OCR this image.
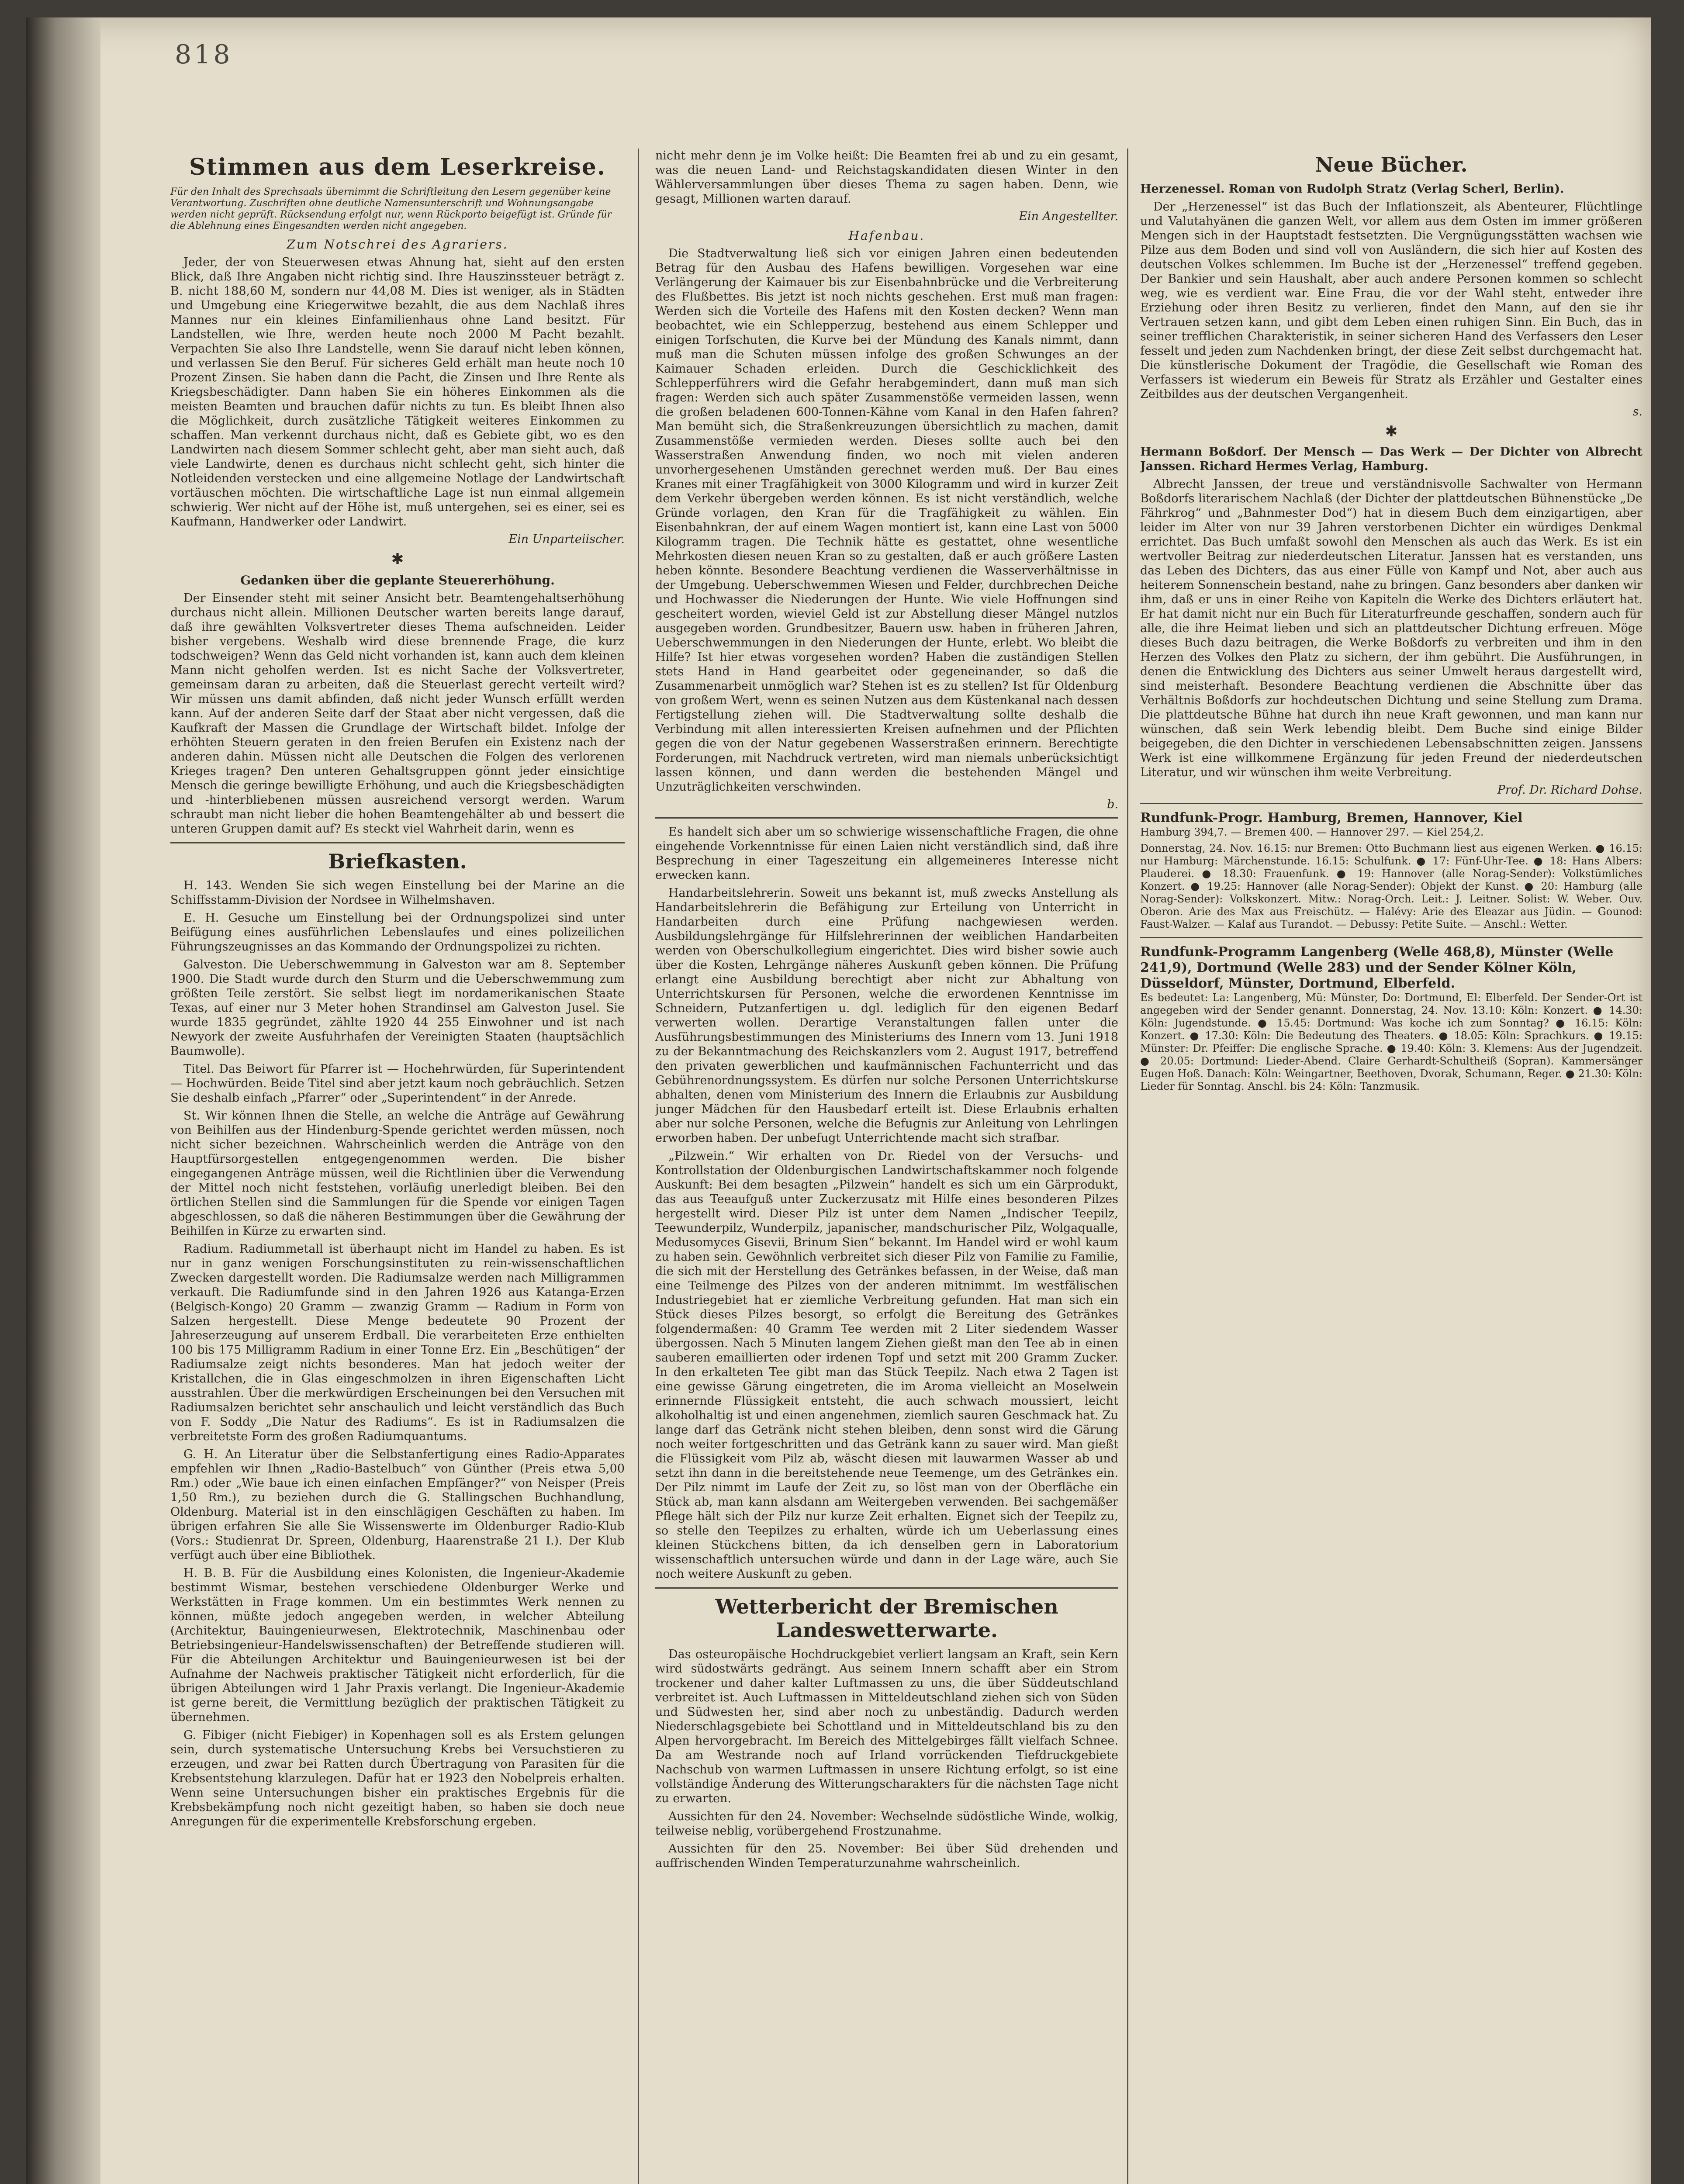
818
Stimmen aus dem Leserkreise.
Für den Inhalt des Sprechsaals übernimmt die Schriftleitung den Lesern gegenüber keine Verantwortung. Zuschriften ohne deutliche Namensunterschrift und Wohnungsangabe werden nicht geprüft. Rücksendung erfolgt nur, wenn Rückporto beigefügt ist. Gründe für die Ablehnung eines Eingesandten werden nicht angegeben.
Zum Notschrei des Agrariers.

Jeder, der von Steuerwesen etwas Ahnung hat, sieht auf den ersten Blick, daß Ihre Angaben nicht richtig sind. Ihre Hauszinssteuer beträgt z. B. nicht 188,60 M, sondern nur 44,08 M. Dies ist weniger, als in Städten und Umgebung eine Kriegerwitwe bezahlt, die aus dem Nachlaß ihres Mannes nur ein kleines Einfamilienhaus ohne Land besitzt. Für Landstellen, wie Ihre, werden heute noch 2000 M Pacht bezahlt. Verpachten Sie also Ihre Landstelle, wenn Sie darauf nicht leben können, und verlassen Sie den Beruf. Für sicheres Geld erhält man heute noch 10 Prozent Zinsen. Sie haben dann die Pacht, die Zinsen und Ihre Rente als Kriegsbeschädigter. Dann haben Sie ein höheres Einkommen als die meisten Beamten und brauchen dafür nichts zu tun. Es bleibt Ihnen also die Möglichkeit, durch zusätzliche Tätigkeit weiteres Einkommen zu schaffen. Man verkennt durchaus nicht, daß es Gebiete gibt, wo es den Landwirten nach diesem Sommer schlecht geht, aber man sieht auch, daß viele Landwirte, denen es durchaus nicht schlecht geht, sich hinter die Notleidenden verstecken und eine allgemeine Notlage der Landwirtschaft vortäuschen möchten. Die wirtschaftliche Lage ist nun einmal allgemein schwierig. Wer nicht auf der Höhe ist, muß untergehen, sei es einer, sei es Kaufmann, Handwerker oder Landwirt.

Ein Unparteiischer.
✱
Gedanken über die geplante Steuererhöhung.

Der Einsender steht mit seiner Ansicht betr. Beamtengehaltserhöhung durchaus nicht allein. Millionen Deutscher warten bereits lange darauf, daß ihre gewählten Volksvertreter dieses Thema aufschneiden. Leider bisher vergebens. Weshalb wird diese brennende Frage, die kurz todschweigen? Wenn das Geld nicht vorhanden ist, kann auch dem kleinen Mann nicht geholfen werden. Ist es nicht Sache der Volksvertreter, gemeinsam daran zu arbeiten, daß die Steuerlast gerecht verteilt wird? Wir müssen uns damit abfinden, daß nicht jeder Wunsch erfüllt werden kann. Auf der anderen Seite darf der Staat aber nicht vergessen, daß die Kaufkraft der Massen die Grundlage der Wirtschaft bildet. Infolge der erhöhten Steuern geraten in den freien Berufen ein Existenz nach der anderen dahin. Müssen nicht alle Deutschen die Folgen des verlorenen Krieges tragen? Den unteren Gehaltsgruppen gönnt jeder einsichtige Mensch die geringe bewilligte Erhöhung, und auch die Kriegsbeschädigten und -hinterbliebenen müssen ausreichend versorgt werden. Warum schraubt man nicht lieber die hohen Beamtengehälter ab und bessert die unteren Gruppen damit auf? Es steckt viel Wahrheit darin, wenn es

Briefkasten.

H. 143. Wenden Sie sich wegen Einstellung bei der Marine an die Schiffsstamm-Division der Nordsee in Wilhelmshaven.

E. H. Gesuche um Einstellung bei der Ordnungspolizei sind unter Beifügung eines ausführlichen Lebenslaufes und eines polizeilichen Führungszeugnisses an das Kommando der Ordnungspolizei zu richten.

Galveston. Die Ueberschwemmung in Galveston war am 8. September 1900. Die Stadt wurde durch den Sturm und die Ueberschwemmung zum größten Teile zerstört. Sie selbst liegt im nordamerikanischen Staate Texas, auf einer nur 3 Meter hohen Strandinsel am Galveston Jusel. Sie wurde 1835 gegründet, zählte 1920 44 255 Einwohner und ist nach Newyork der zweite Ausfuhrhafen der Vereinigten Staaten (hauptsächlich Baumwolle).

Titel. Das Beiwort für Pfarrer ist — Hochehrwürden, für Superintendent — Hochwürden. Beide Titel sind aber jetzt kaum noch gebräuchlich. Setzen Sie deshalb einfach „Pfarrer“ oder „Superintendent“ in der Anrede.

St. Wir können Ihnen die Stelle, an welche die Anträge auf Gewährung von Beihilfen aus der Hindenburg-Spende gerichtet werden müssen, noch nicht sicher bezeichnen. Wahrscheinlich werden die Anträge von den Hauptfürsorgestellen entgegengenommen werden. Die bisher eingegangenen Anträge müssen, weil die Richtlinien über die Verwendung der Mittel noch nicht feststehen, vorläufig unerledigt bleiben. Bei den örtlichen Stellen sind die Sammlungen für die Spende vor einigen Tagen abgeschlossen, so daß die näheren Bestimmungen über die Gewährung der Beihilfen in Kürze zu erwarten sind.

Radium. Radiummetall ist überhaupt nicht im Handel zu haben. Es ist nur in ganz wenigen Forschungsinstituten zu rein-wissenschaftlichen Zwecken dargestellt worden. Die Radiumsalze werden nach Milligrammen verkauft. Die Radiumfunde sind in den Jahren 1926 aus Katanga-Erzen (Belgisch-Kongo) 20 Gramm — zwanzig Gramm — Radium in Form von Salzen hergestellt. Diese Menge bedeutete 90 Prozent der Jahreserzeugung auf unserem Erdball. Die verarbeiteten Erze enthielten 100 bis 175 Milligramm Radium in einer Tonne Erz. Ein „Beschütigen“ der Radiumsalze zeigt nichts besonderes. Man hat jedoch weiter der Kristallchen, die in Glas eingeschmolzen in ihren Eigenschaften Licht ausstrahlen. Über die merkwürdigen Erscheinungen bei den Versuchen mit Radiumsalzen berichtet sehr anschaulich und leicht verständlich das Buch von F. Soddy „Die Natur des Radiums“. Es ist in Radiumsalzen die verbreitetste Form des großen Radiumquantums.

G. H. An Literatur über die Selbstanfertigung eines Radio-Apparates empfehlen wir Ihnen „Radio-Bastelbuch“ von Günther (Preis etwa 5,00 Rm.) oder „Wie baue ich einen einfachen Empfänger?“ von Neisper (Preis 1,50 Rm.), zu beziehen durch die G. Stallingschen Buchhandlung, Oldenburg. Material ist in den einschlägigen Geschäften zu haben. Im übrigen erfahren Sie alle Sie Wissenswerte im Oldenburger Radio-Klub (Vors.: Studienrat Dr. Spreen, Oldenburg, Haarenstraße 21 I.). Der Klub verfügt auch über eine Bibliothek.

H. B. B. Für die Ausbildung eines Kolonisten, die Ingenieur-Akademie bestimmt Wismar, bestehen verschiedene Oldenburger Werke und Werkstätten in Frage kommen. Um ein bestimmtes Werk nennen zu können, müßte jedoch angegeben werden, in welcher Abteilung (Architektur, Bauingenieurwesen, Elektrotechnik, Maschinenbau oder Betriebsingenieur-Handelswissenschaften) der Betreffende studieren will. Für die Abteilungen Architektur und Bauingenieurwesen ist bei der Aufnahme der Nachweis praktischer Tätigkeit nicht erforderlich, für die übrigen Abteilungen wird 1 Jahr Praxis verlangt. Die Ingenieur-Akademie ist gerne bereit, die Vermittlung bezüglich der praktischen Tätigkeit zu übernehmen.

G. Fibiger (nicht Fiebiger) in Kopenhagen soll es als Erstem gelungen sein, durch systematische Untersuchung Krebs bei Versuchstieren zu erzeugen, und zwar bei Ratten durch Übertragung von Parasiten für die Krebsentstehung klarzulegen. Dafür hat er 1923 den Nobelpreis erhalten. Wenn seine Untersuchungen bisher ein praktisches Ergebnis für die Krebsbekämpfung noch nicht gezeitigt haben, so haben sie doch neue Anregungen für die experimentelle Krebsforschung ergeben.

nicht mehr denn je im Volke heißt: Die Beamten frei ab und zu ein gesamt, was die neuen Land- und Reichstagskandidaten diesen Winter in den Wählerversammlungen über dieses Thema zu sagen haben. Denn, wie gesagt, Millionen warten darauf.

Ein Angestellter.
Hafenbau.

Die Stadtverwaltung ließ sich vor einigen Jahren einen bedeutenden Betrag für den Ausbau des Hafens bewilligen. Vorgesehen war eine Verlängerung der Kaimauer bis zur Eisenbahnbrücke und die Verbreiterung des Flußbettes. Bis jetzt ist noch nichts geschehen. Erst muß man fragen: Werden sich die Vorteile des Hafens mit den Kosten decken? Wenn man beobachtet, wie ein Schlepperzug, bestehend aus einem Schlepper und einigen Torfschuten, die Kurve bei der Mündung des Kanals nimmt, dann muß man die Schuten müssen infolge des großen Schwunges an der Kaimauer Schaden erleiden. Durch die Geschicklichkeit des Schlepperführers wird die Gefahr herabgemindert, dann muß man sich fragen: Werden sich auch später Zusammenstöße vermeiden lassen, wenn die großen beladenen 600-Tonnen-Kähne vom Kanal in den Hafen fahren? Man bemüht sich, die Straßenkreuzungen übersichtlich zu machen, damit Zusammenstöße vermieden werden. Dieses sollte auch bei den Wasserstraßen Anwendung finden, wo noch mit vielen anderen unvorhergesehenen Umständen gerechnet werden muß. Der Bau eines Kranes mit einer Tragfähigkeit von 3000 Kilogramm und wird in kurzer Zeit dem Verkehr übergeben werden können. Es ist nicht verständlich, welche Gründe vorlagen, den Kran für die Tragfähigkeit zu wählen. Ein Eisenbahnkran, der auf einem Wagen montiert ist, kann eine Last von 5000 Kilogramm tragen. Die Technik hätte es gestattet, ohne wesentliche Mehrkosten diesen neuen Kran so zu gestalten, daß er auch größere Lasten heben könnte. Besondere Beachtung verdienen die Wasserverhältnisse in der Umgebung. Ueberschwemmen Wiesen und Felder, durchbrechen Deiche und Hochwasser die Niederungen der Hunte. Wie viele Hoffnungen sind gescheitert worden, wieviel Geld ist zur Abstellung dieser Mängel nutzlos ausgegeben worden. Grundbesitzer, Bauern usw. haben in früheren Jahren, Ueberschwemmungen in den Niederungen der Hunte, erlebt. Wo bleibt die Hilfe? Ist hier etwas vorgesehen worden? Haben die zuständigen Stellen stets Hand in Hand gearbeitet oder gegeneinander, so daß die Zusammenarbeit unmöglich war? Stehen ist es zu stellen? Ist für Oldenburg von großem Wert, wenn es seinen Nutzen aus dem Küstenkanal nach dessen Fertigstellung ziehen will. Die Stadtverwaltung sollte deshalb die Verbindung mit allen interessierten Kreisen aufnehmen und der Pflichten gegen die von der Natur gegebenen Wasserstraßen erinnern. Berechtigte Forderungen, mit Nachdruck vertreten, wird man niemals unberücksichtigt lassen können, und dann werden die bestehenden Mängel und Unzuträglichkeiten verschwinden.

b.

Es handelt sich aber um so schwierige wissenschaftliche Fragen, die ohne eingehende Vorkenntnisse für einen Laien nicht verständlich sind, daß ihre Besprechung in einer Tageszeitung ein allgemeineres Interesse nicht erwecken kann.

Handarbeitslehrerin. Soweit uns bekannt ist, muß zwecks Anstellung als Handarbeitslehrerin die Befähigung zur Erteilung von Unterricht in Handarbeiten durch eine Prüfung nachgewiesen werden. Ausbildungslehrgänge für Hilfslehrerinnen der weiblichen Handarbeiten werden von Oberschulkollegium eingerichtet. Dies wird bisher sowie auch über die Kosten, Lehrgänge näheres Auskunft geben können. Die Prüfung erlangt eine Ausbildung berechtigt aber nicht zur Abhaltung von Unterrichtskursen für Personen, welche die erwordenen Kenntnisse im Schneidern, Putzanfertigen u. dgl. lediglich für den eigenen Bedarf verwerten wollen. Derartige Veranstaltungen fallen unter die Ausführungsbestimmungen des Ministeriums des Innern vom 13. Juni 1918 zu der Bekanntmachung des Reichskanzlers vom 2. August 1917, betreffend den privaten gewerblichen und kaufmännischen Fachunterricht und das Gebührenordnungssystem. Es dürfen nur solche Personen Unterrichtskurse abhalten, denen vom Ministerium des Innern die Erlaubnis zur Ausbildung junger Mädchen für den Hausbedarf erteilt ist. Diese Erlaubnis erhalten aber nur solche Personen, welche die Befugnis zur Anleitung von Lehrlingen erworben haben. Der unbefugt Unterrichtende macht sich strafbar.

„Pilzwein.“ Wir erhalten von Dr. Riedel von der Versuchs- und Kontrollstation der Oldenburgischen Landwirtschaftskammer noch folgende Auskunft: Bei dem besagten „Pilzwein“ handelt es sich um ein Gärprodukt, das aus Teeaufguß unter Zuckerzusatz mit Hilfe eines besonderen Pilzes hergestellt wird. Dieser Pilz ist unter dem Namen „Indischer Teepilz, Teewunderpilz, Wunderpilz, japanischer, mandschurischer Pilz, Wolgaqualle, Medusomyces Gisevii, Brinum Sien“ bekannt. Im Handel wird er wohl kaum zu haben sein. Gewöhnlich verbreitet sich dieser Pilz von Familie zu Familie, die sich mit der Herstellung des Getränkes befassen, in der Weise, daß man eine Teilmenge des Pilzes von der anderen mitnimmt. Im westfälischen Industriegebiet hat er ziemliche Verbreitung gefunden. Hat man sich ein Stück dieses Pilzes besorgt, so erfolgt die Bereitung des Getränkes folgendermaßen: 40 Gramm Tee werden mit 2 Liter siedendem Wasser übergossen. Nach 5 Minuten langem Ziehen gießt man den Tee ab in einen sauberen emaillierten oder irdenen Topf und setzt mit 200 Gramm Zucker. In den erkalteten Tee gibt man das Stück Teepilz. Nach etwa 2 Tagen ist eine gewisse Gärung eingetreten, die im Aroma vielleicht an Moselwein erinnernde Flüssigkeit entsteht, die auch schwach moussiert, leicht alkoholhaltig ist und einen angenehmen, ziemlich sauren Geschmack hat. Zu lange darf das Getränk nicht stehen bleiben, denn sonst wird die Gärung noch weiter fortgeschritten und das Getränk kann zu sauer wird. Man gießt die Flüssigkeit vom Pilz ab, wäscht diesen mit lauwarmen Wasser ab und setzt ihn dann in die bereitstehende neue Teemenge, um des Getränkes ein. Der Pilz nimmt im Laufe der Zeit zu, so löst man von der Oberfläche ein Stück ab, man kann alsdann am Weitergeben verwenden. Bei sachgemäßer Pflege hält sich der Pilz nur kurze Zeit erhalten. Eignet sich der Teepilz zu, so stelle den Teepilzes zu erhalten, würde ich um Ueberlassung eines kleinen Stückchens bitten, da ich denselben gern in Laboratorium wissenschaftlich untersuchen würde und dann in der Lage wäre, auch Sie noch weitere Auskunft zu geben.

Wetterbericht der Bremischen Landeswetterwarte.

Das osteuropäische Hochdruckgebiet verliert langsam an Kraft, sein Kern wird südostwärts gedrängt. Aus seinem Innern schafft aber ein Strom trockener und daher kalter Luftmassen zu uns, die über Süddeutschland verbreitet ist. Auch Luftmassen in Mitteldeutschland ziehen sich von Süden und Südwesten her, sind aber noch zu unbeständig. Dadurch werden Niederschlagsgebiete bei Schottland und in Mitteldeutschland bis zu den Alpen hervorgebracht. Im Bereich des Mittelgebirges fällt vielfach Schnee. Da am Westrande noch auf Irland vorrückenden Tiefdruckgebiete Nachschub von warmen Luftmassen in unsere Richtung erfolgt, so ist eine vollständige Änderung des Witterungscharakters für die nächsten Tage nicht zu erwarten.

Aussichten für den 24. November: Wechselnde südöstliche Winde, wolkig, teilweise neblig, vorübergehend Frostzunahme.

Aussichten für den 25. November: Bei über Süd drehenden und auffrischenden Winden Temperaturzunahme wahrscheinlich.

Neue Bücher.

Herzenessel. Roman von Rudolph Stratz (Verlag Scherl, Berlin).

Der „Herzenessel“ ist das Buch der Inflationszeit, als Abenteurer, Flüchtlinge und Valutahyänen die ganzen Welt, vor allem aus dem Osten im immer größeren Mengen sich in der Hauptstadt festsetzten. Die Vergnügungsstätten wachsen wie Pilze aus dem Boden und sind voll von Ausländern, die sich hier auf Kosten des deutschen Volkes schlemmen. Im Buche ist der „Herzenessel“ treffend gegeben. Der Bankier und sein Haushalt, aber auch andere Personen kommen so schlecht weg, wie es verdient war. Eine Frau, die vor der Wahl steht, entweder ihre Erziehung oder ihren Besitz zu verlieren, findet den Mann, auf den sie ihr Vertrauen setzen kann, und gibt dem Leben einen ruhigen Sinn. Ein Buch, das in seiner trefflichen Charakteristik, in seiner sicheren Hand des Verfassers den Leser fesselt und jeden zum Nachdenken bringt, der diese Zeit selbst durchgemacht hat. Die künstlerische Dokument der Tragödie, die Gesellschaft wie Roman des Verfassers ist wiederum ein Beweis für Stratz als Erzähler und Gestalter eines Zeitbildes aus der deutschen Vergangenheit.

s.
✱

Hermann Boßdorf. Der Mensch — Das Werk — Der Dichter von Albrecht Janssen. Richard Hermes Verlag, Hamburg.

Albrecht Janssen, der treue und verständnisvolle Sachwalter von Hermann Boßdorfs literarischem Nachlaß (der Dichter der plattdeutschen Bühnenstücke „De Fährkrog“ und „Bahnmester Dod“) hat in diesem Buch dem einzigartigen, aber leider im Alter von nur 39 Jahren verstorbenen Dichter ein würdiges Denkmal errichtet. Das Buch umfaßt sowohl den Menschen als auch das Werk. Es ist ein wertvoller Beitrag zur niederdeutschen Literatur. Janssen hat es verstanden, uns das Leben des Dichters, das aus einer Fülle von Kampf und Not, aber auch aus heiterem Sonnenschein bestand, nahe zu bringen. Ganz besonders aber danken wir ihm, daß er uns in einer Reihe von Kapiteln die Werke des Dichters erläutert hat. Er hat damit nicht nur ein Buch für Literaturfreunde geschaffen, sondern auch für alle, die ihre Heimat lieben und sich an plattdeutscher Dichtung erfreuen. Möge dieses Buch dazu beitragen, die Werke Boßdorfs zu verbreiten und ihm in den Herzen des Volkes den Platz zu sichern, der ihm gebührt. Die Ausführungen, in denen die Entwicklung des Dichters aus seiner Umwelt heraus dargestellt wird, sind meisterhaft. Besondere Beachtung verdienen die Abschnitte über das Verhältnis Boßdorfs zur hochdeutschen Dichtung und seine Stellung zum Drama. Die plattdeutsche Bühne hat durch ihn neue Kraft gewonnen, und man kann nur wünschen, daß sein Werk lebendig bleibt. Dem Buche sind einige Bilder beigegeben, die den Dichter in verschiedenen Lebensabschnitten zeigen. Janssens Werk ist eine willkommene Ergänzung für jeden Freund der niederdeutschen Literatur, und wir wünschen ihm weite Verbreitung.

Prof. Dr. Richard Dohse.
Rundfunk-Progr. Hamburg, Bremen, Hannover, Kiel

Hamburg 394,7. — Bremen 400. — Hannover 297. — Kiel 254,2.

Donnerstag, 24. Nov. 16.15: nur Bremen: Otto Buchmann liest aus eigenen Werken. ● 16.15: nur Hamburg: Märchenstunde. 16.15: Schulfunk. ● 17: Fünf-Uhr-Tee. ● 18: Hans Albers: Plauderei. ● 18.30: Frauenfunk. ● 19: Hannover (alle Norag-Sender): Volkstümliches Konzert. ● 19.25: Hannover (alle Norag-Sender): Objekt der Kunst. ● 20: Hamburg (alle Norag-Sender): Volkskonzert. Mitw.: Norag-Orch. Leit.: J. Leitner. Solist: W. Weber. Ouv. Oberon. Arie des Max aus Freischütz. — Halévy: Arie des Eleazar aus Jüdin. — Gounod: Faust-Walzer. — Kalaf aus Turandot. — Debussy: Petite Suite. — Anschl.: Wetter.

Rundfunk-Programm Langenberg (Welle 468,8), Münster (Welle 241,9), Dortmund (Welle 283) und der Sender Kölner Köln, Düsseldorf, Münster, Dortmund, Elberfeld.

Es bedeutet: La: Langenberg, Mü: Münster, Do: Dortmund, El: Elberfeld. Der Sender-Ort ist angegeben wird der Sender genannt. Donnerstag, 24. Nov. 13.10: Köln: Konzert. ● 14.30: Köln: Jugendstunde. ● 15.45: Dortmund: Was koche ich zum Sonntag? ● 16.15: Köln: Konzert. ● 17.30: Köln: Die Bedeutung des Theaters. ● 18.05: Köln: Sprachkurs. ● 19.15: Münster: Dr. Pfeiffer: Die englische Sprache. ● 19.40: Köln: 3. Klemens: Aus der Jugendzeit. ● 20.05: Dortmund: Lieder-Abend. Claire Gerhardt-Schultheiß (Sopran). Kammersänger Eugen Hoß. Danach: Köln: Weingartner, Beethoven, Dvorak, Schumann, Reger. ● 21.30: Köln: Lieder für Sonntag. Anschl. bis 24: Köln: Tanzmusik.
